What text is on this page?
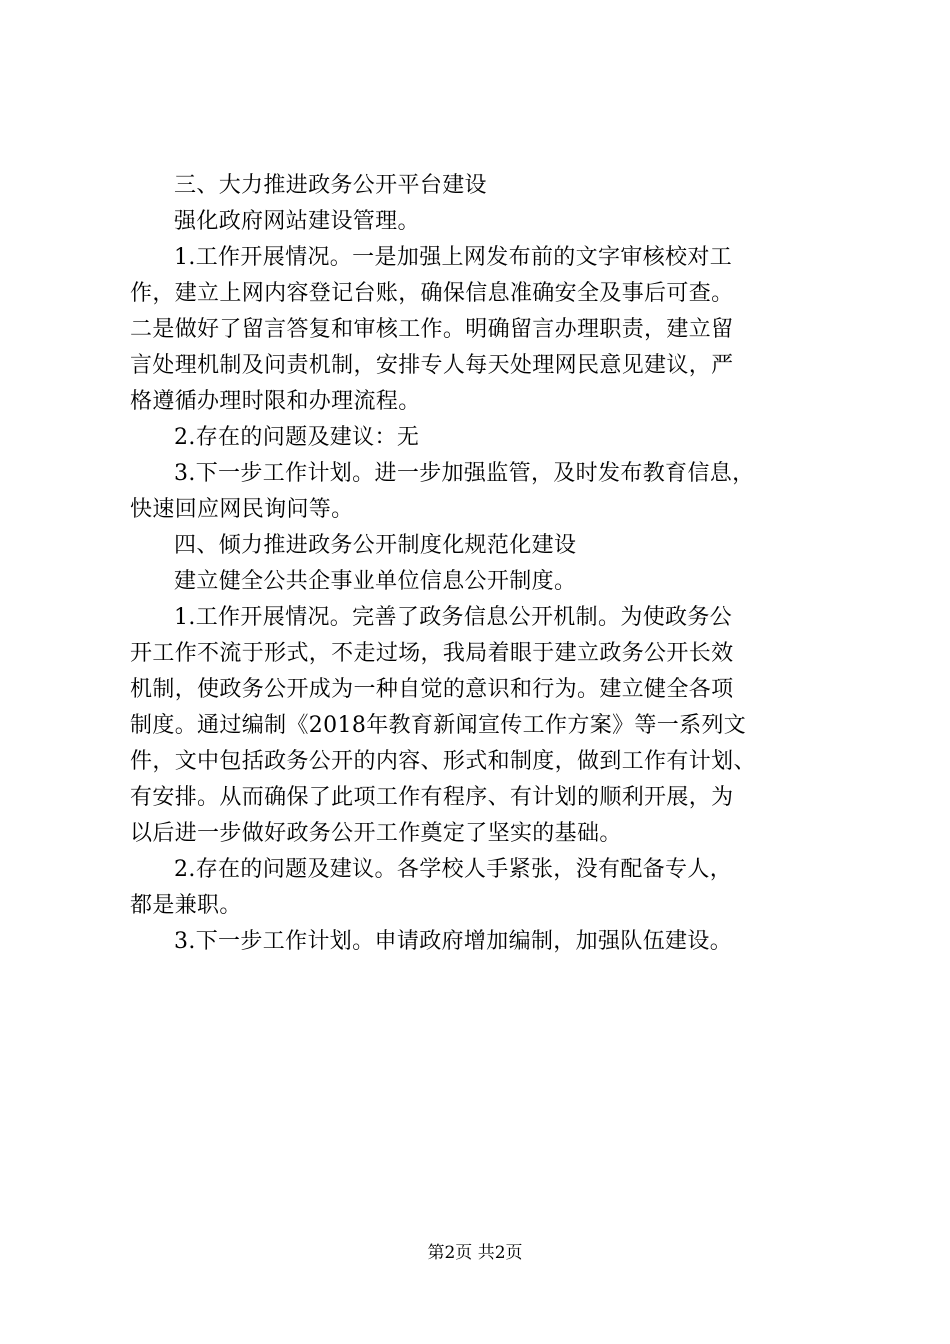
三、大力推进政务公开平台建设
强化政府网站建设管理。
1.工作开展情况。一是加强上网发布前的文字审核校对工
作，建立上网内容登记台账，确保信息准确安全及事后可查。
二是做好了留言答复和审核工作。明确留言办理职责，建立留
言处理机制及问责机制，安排专人每天处理网民意见建议，严
格遵循办理时限和办理流程。
2.存在的问题及建议：无
3.下一步工作计划。进一步加强监管，及时发布教育信息，
快速回应网民询问等。
四、倾力推进政务公开制度化规范化建设
建立健全公共企事业单位信息公开制度。
1.工作开展情况。完善了政务信息公开机制。为使政务公
开工作不流于形式，不走过场，我局着眼于建立政务公开长效
机制，使政务公开成为一种自觉的意识和行为。建立健全各项
制度。通过编制《2018年教育新闻宣传工作方案》等一系列文
件，文中包括政务公开的内容、形式和制度，做到工作有计划、
有安排。从而确保了此项工作有程序、有计划的顺利开展，为
以后进一步做好政务公开工作奠定了坚实的基础。
2.存在的问题及建议。各学校人手紧张，没有配备专人，
都是兼职。
3.下一步工作计划。申请政府增加编制，加强队伍建设。
第2页 共2页
